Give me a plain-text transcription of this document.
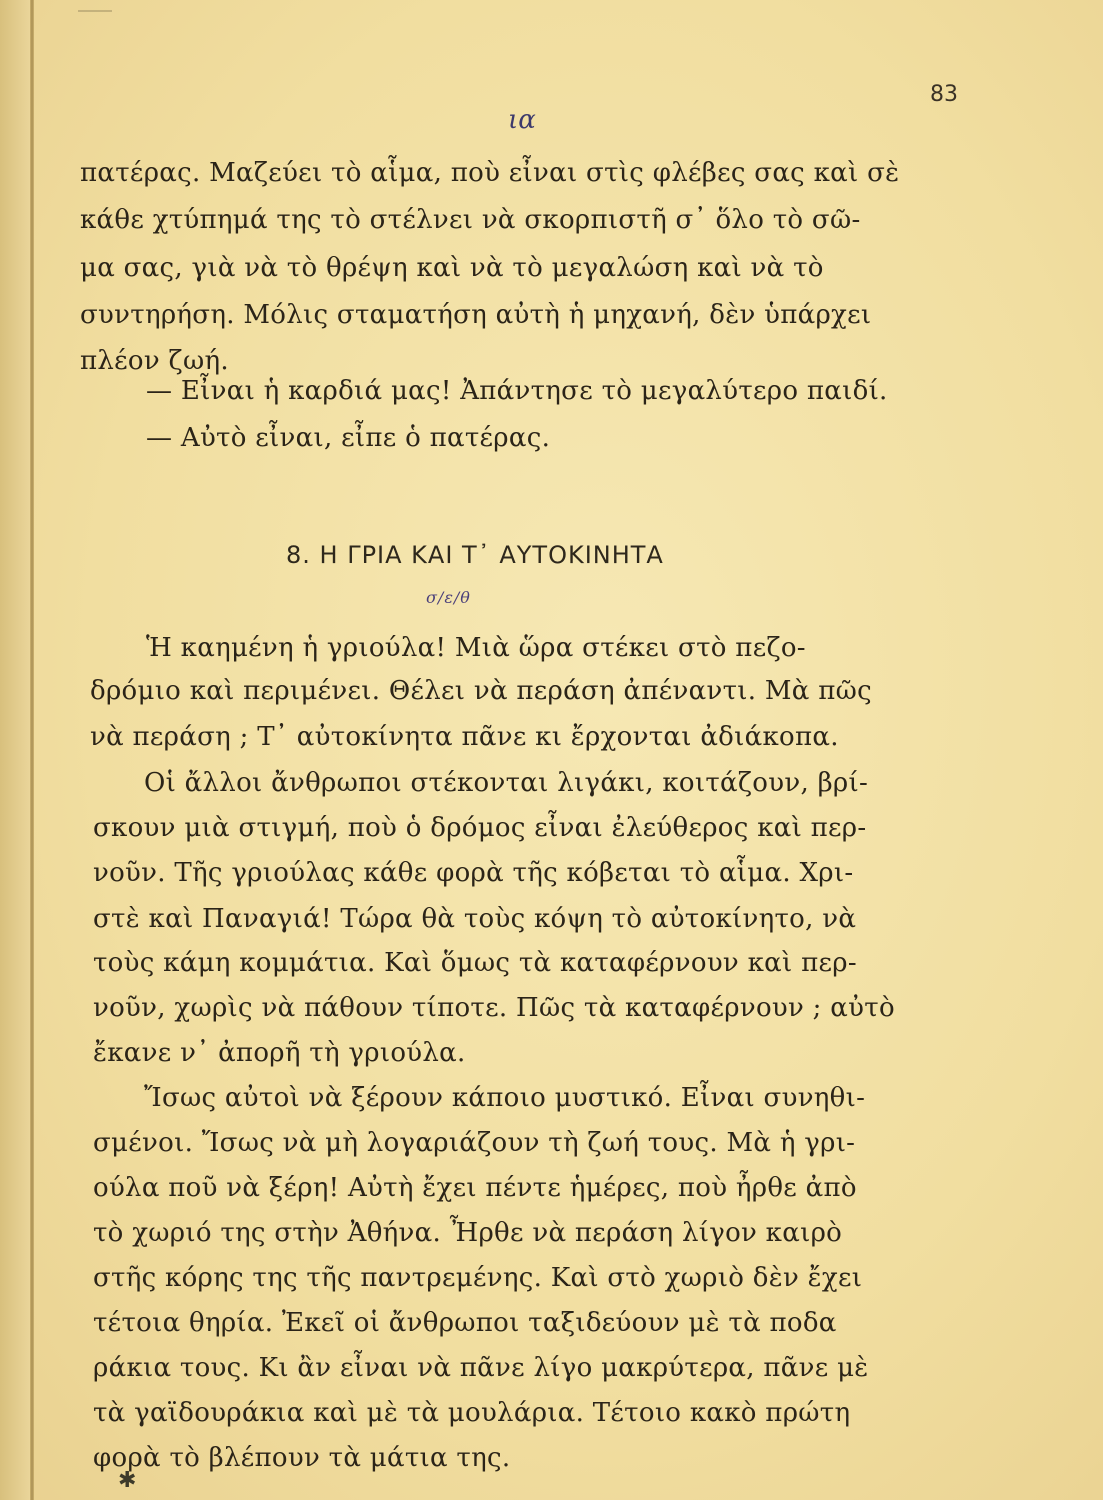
83
ια
πατέρας. Μαζεύει τὸ αἷμα, ποὺ εἶναι στὶς φλέβες σας καὶ σὲ
κάθε χτύπημά της τὸ στέλνει νὰ σκορπιστῆ σ᾽ ὅλο τὸ σῶ-
μα σας, γιὰ νὰ τὸ θρέψη καὶ νὰ τὸ μεγαλώση καὶ νὰ τὸ
συντηρήση. Μόλις σταματήση αὐτὴ ἡ μηχανή, δὲν ὑπάρχει
πλέον ζωή.
— Εἶναι ἡ καρδιά μας! Ἀπάντησε τὸ μεγαλύτερο παιδί.
— Αὐτὸ εἶναι, εἶπε ὁ πατέρας.
8. Η ΓΡΙΑ ΚΑΙ Τ᾽ ΑΥΤΟΚΙΝΗΤΑ
σ/ε/θ
Ἡ καημένη ἡ γριούλα! Μιὰ ὥρα στέκει στὸ πεζο-
δρόμιο καὶ περιμένει. Θέλει νὰ περάση ἀπέναντι. Μὰ πῶς
νὰ περάση ; Τ᾽ αὐτοκίνητα πᾶνε κι ἔρχονται ἀδιάκοπα.
Οἱ ἄλλοι ἄνθρωποι στέκονται λιγάκι, κοιτάζουν, βρί-
σκουν μιὰ στιγμή, ποὺ ὁ δρόμος εἶναι ἐλεύθερος καὶ περ-
νοῦν. Τῆς γριούλας κάθε φορὰ τῆς κόβεται τὸ αἷμα. Χρι-
στὲ καὶ Παναγιά! Τώρα θὰ τοὺς κόψη τὸ αὐτοκίνητο, νὰ
τοὺς κάμη κομμάτια. Καὶ ὅμως τὰ καταφέρνουν καὶ περ-
νοῦν, χωρὶς νὰ πάθουν τίποτε. Πῶς τὰ καταφέρνουν ; αὐτὸ
ἔκανε ν᾽ ἀπορῆ τὴ γριούλα.
Ἴσως αὐτοὶ νὰ ξέρουν κάποιο μυστικό. Εἶναι συνηθι-
σμένοι. Ἴσως νὰ μὴ λογαριάζουν τὴ ζωή τους. Μὰ ἡ γρι-
ούλα ποῦ νὰ ξέρη! Αὐτὴ ἔχει πέντε ἡμέρες, ποὺ ἦρθε ἀπὸ
τὸ χωριό της στὴν Ἀθήνα. Ἦρθε νὰ περάση λίγον καιρὸ
στῆς κόρης της τῆς παντρεμένης. Καὶ στὸ χωριὸ δὲν ἔχει
τέτοια θηρία. Ἐκεῖ οἱ ἄνθρωποι ταξιδεύουν μὲ τὰ ποδα
ράκια τους. Κι ἂν εἶναι νὰ πᾶνε λίγο μακρύτερα, πᾶνε μὲ
τὰ γαϊδουράκια καὶ μὲ τὰ μουλάρια. Τέτοιο κακὸ πρώτη
φορὰ τὸ βλέπουν τὰ μάτια της.
✱
